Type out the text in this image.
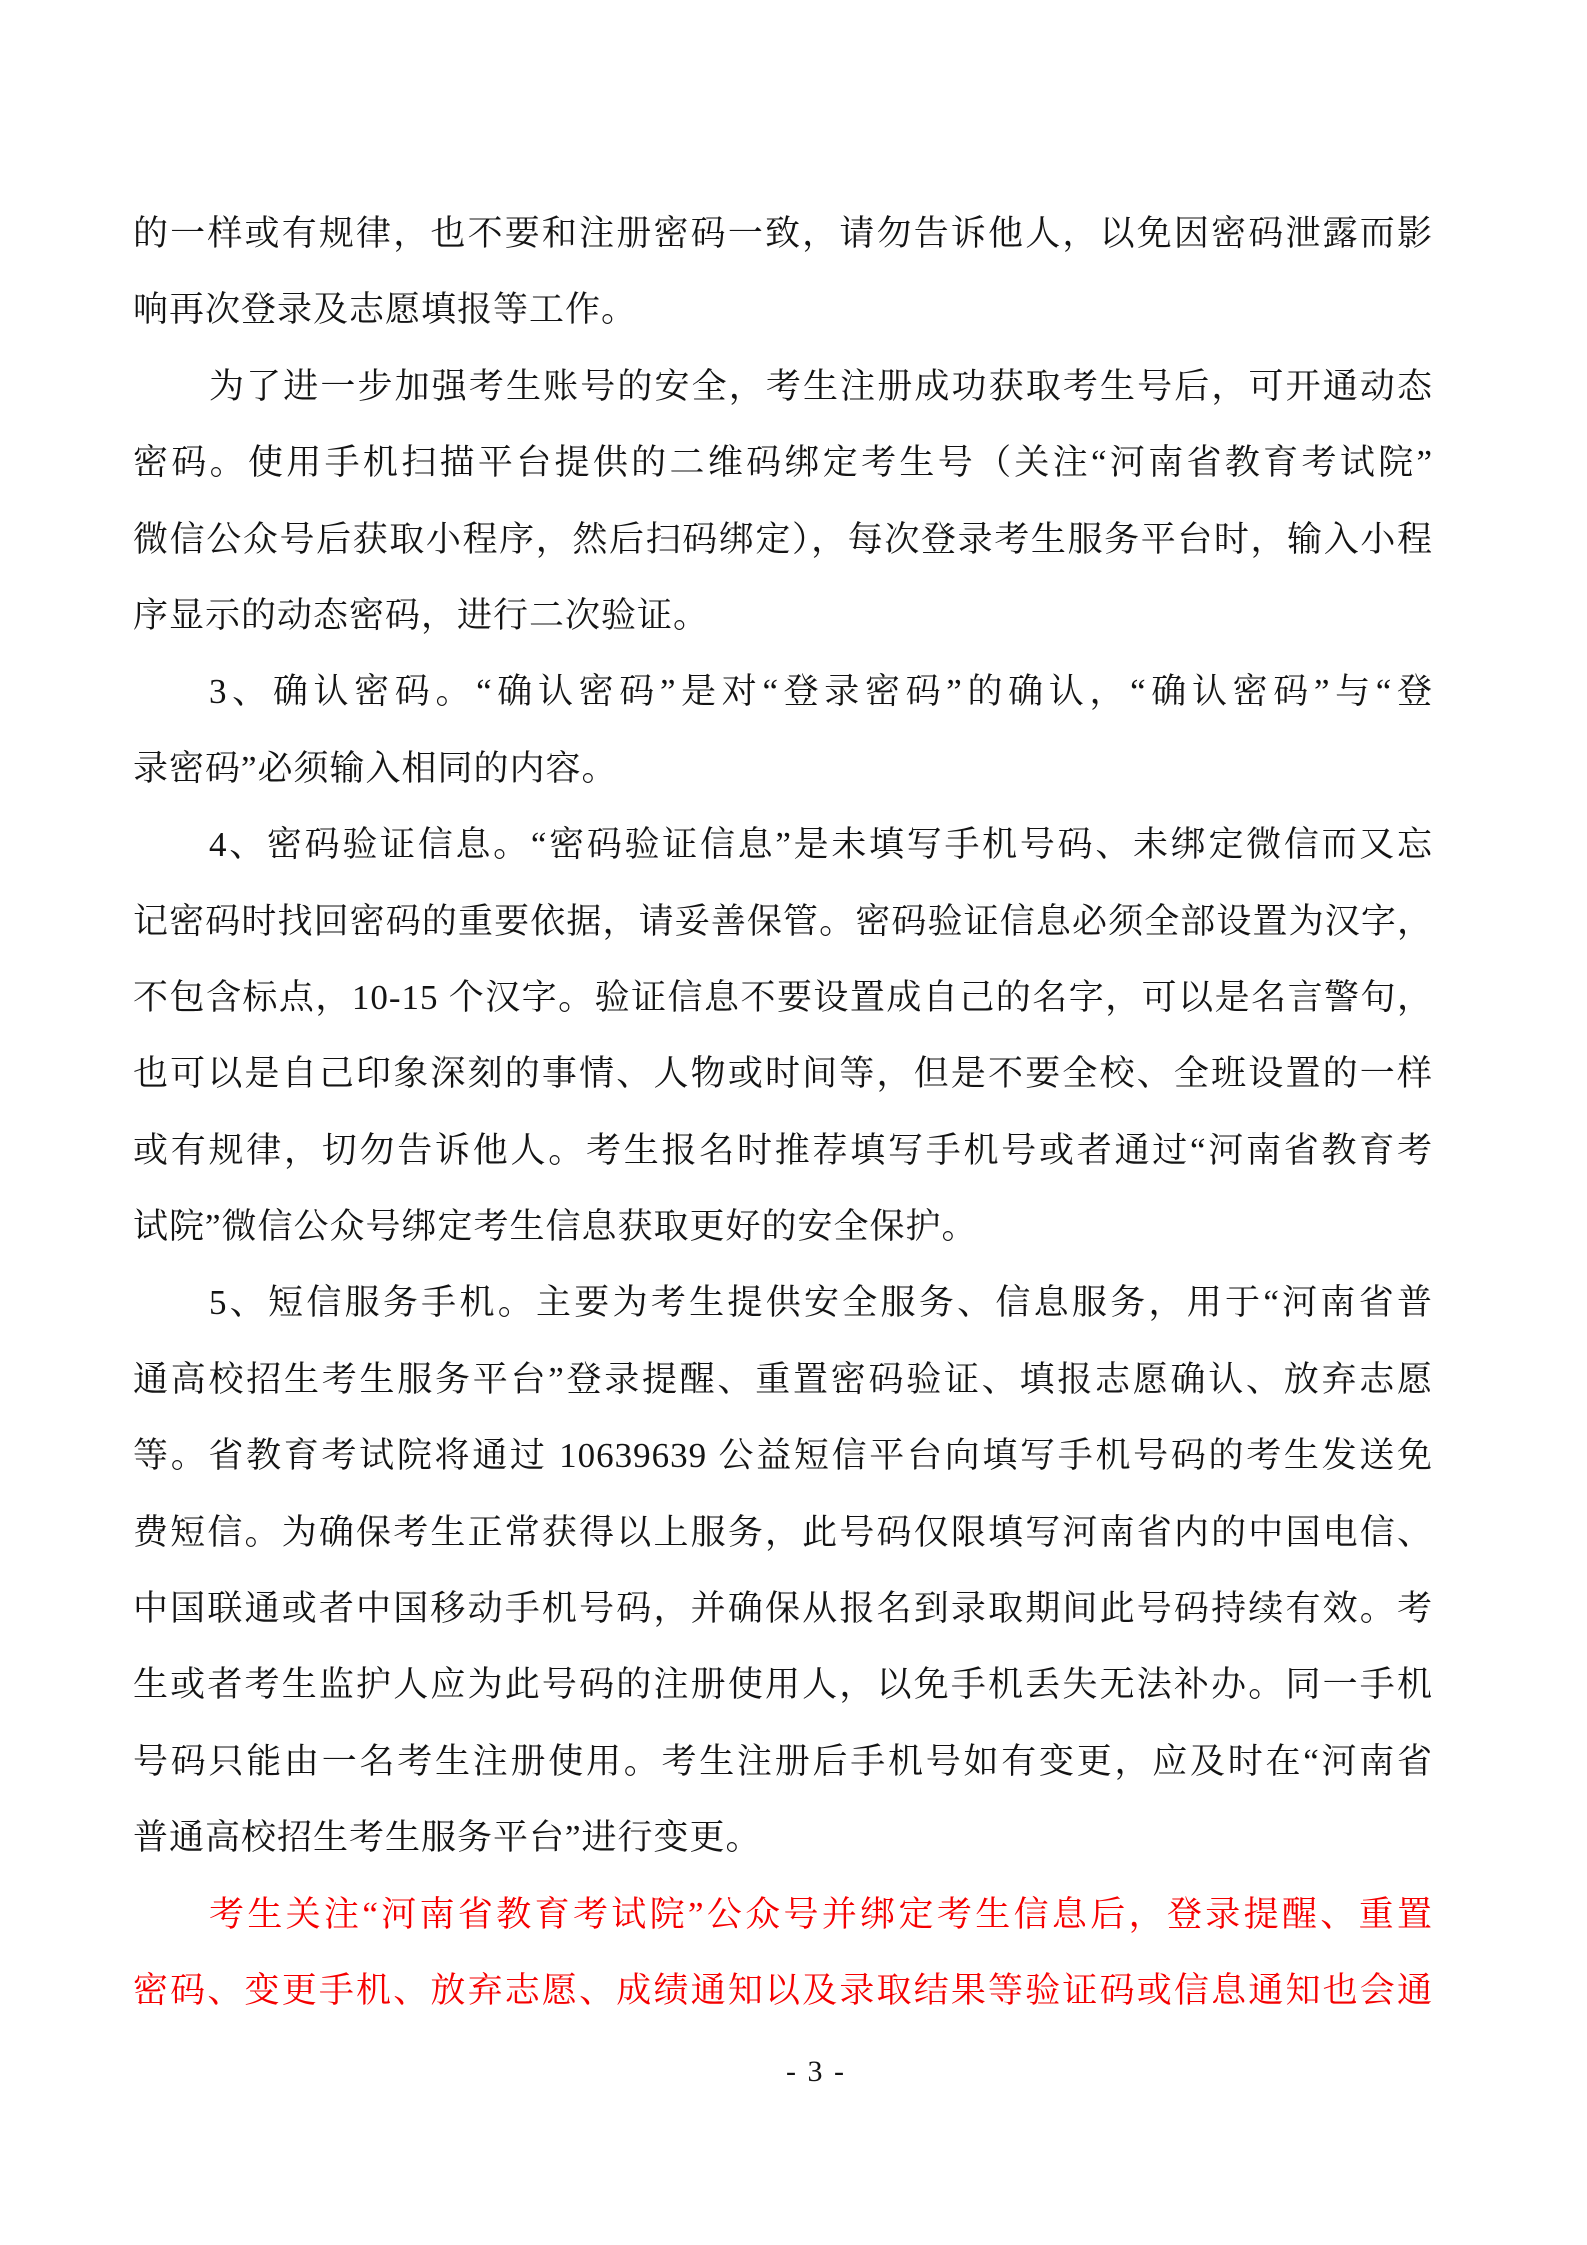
的一样或有规律，也不要和注册密码一致，请勿告诉他人，以免因密码泄露而影
响再次登录及志愿填报等工作。
为了进一步加强考生账号的安全，考生注册成功获取考生号后，可开通动态
密码。使用手机扫描平台提供的二维码绑定考生号（关注“河南省教育考试院”
微信公众号后获取小程序，然后扫码绑定），每次登录考生服务平台时，输入小程
序显示的动态密码，进行二次验证。
3、确认密码。“确认密码”是对“登录密码”的确认，“确认密码”与“登
录密码”必须输入相同的内容。
4、密码验证信息。“密码验证信息”是未填写手机号码、未绑定微信而又忘
记密码时找回密码的重要依据，请妥善保管。密码验证信息必须全部设置为汉字，
不包含标点，10-15 个汉字。验证信息不要设置成自己的名字，可以是名言警句，
也可以是自己印象深刻的事情、人物或时间等，但是不要全校、全班设置的一样
或有规律，切勿告诉他人。考生报名时推荐填写手机号或者通过“河南省教育考
试院”微信公众号绑定考生信息获取更好的安全保护。
5、短信服务手机。主要为考生提供安全服务、信息服务，用于“河南省普
通高校招生考生服务平台”登录提醒、重置密码验证、填报志愿确认、放弃志愿
等。省教育考试院将通过 10639639 公益短信平台向填写手机号码的考生发送免
费短信。为确保考生正常获得以上服务，此号码仅限填写河南省内的中国电信、
中国联通或者中国移动手机号码，并确保从报名到录取期间此号码持续有效。考
生或者考生监护人应为此号码的注册使用人，以免手机丢失无法补办。同一手机
号码只能由一名考生注册使用。考生注册后手机号如有变更，应及时在“河南省
普通高校招生考生服务平台”进行变更。
考生关注“河南省教育考试院”公众号并绑定考生信息后，登录提醒、重置
密码、变更手机、放弃志愿、成绩通知以及录取结果等验证码或信息通知也会通
- 3 -
